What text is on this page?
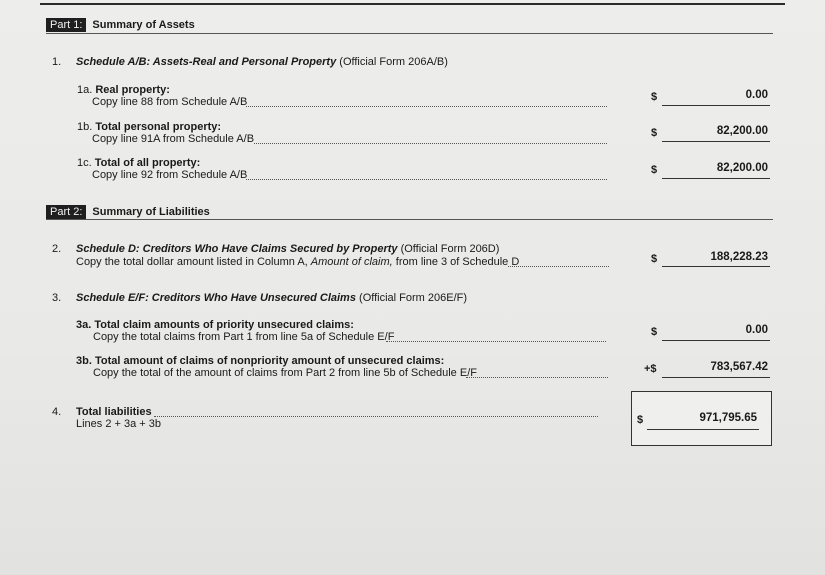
Part 1: Summary of Assets
1. Schedule A/B: Assets-Real and Personal Property (Official Form 206A/B)
1a. Real property:
Copy line 88 from Schedule A/B	$	0.00
1b. Total personal property:
Copy line 91A from Schedule A/B	$	82,200.00
1c. Total of all property:
Copy line 92 from Schedule A/B	$	82,200.00
Part 2: Summary of Liabilities
2. Schedule D: Creditors Who Have Claims Secured by Property (Official Form 206D)
Copy the total dollar amount listed in Column A, Amount of claim, from line 3 of Schedule D	$	188,228.23
3. Schedule E/F: Creditors Who Have Unsecured Claims (Official Form 206E/F)
3a. Total claim amounts of priority unsecured claims:
Copy the total claims from Part 1 from line 5a of Schedule E/F	$	0.00
3b. Total amount of claims of nonpriority amount of unsecured claims:
Copy the total of the amount of claims from Part 2 from line 5b of Schedule E/F	+$	783,567.42
4. Total liabilities
Lines 2 + 3a + 3b	$	971,795.65
